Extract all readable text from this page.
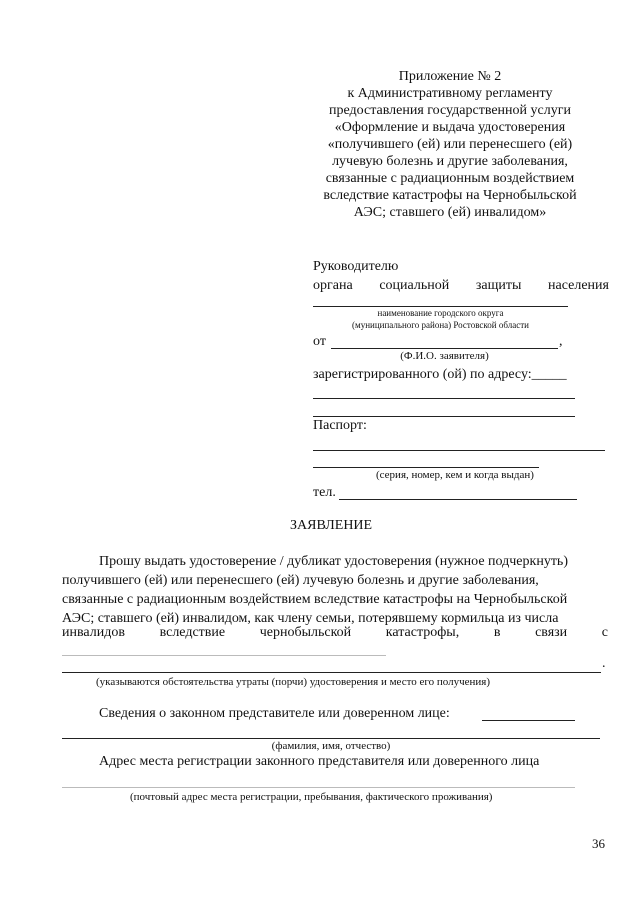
Приложение № 2
к Административному регламенту
предоставления государственной услуги
«Оформление и выдача удостоверения
«получившего (ей) или перенесшего (ей)
лучевую болезнь и другие заболевания,
связанные с радиационным воздействием
вследствие катастрофы на Чернобыльской
АЭС; ставшего (ей) инвалидом»
Руководителю
органа социальной защиты населения
наименование городского округа
(муниципального района) Ростовской области
от	,
(Ф.И.О. заявителя)
зарегистрированного (ой) по адресу:_____
Паспорт:
(серия, номер, кем и когда выдан)
тел.
ЗАЯВЛЕНИЕ
Прошу выдать удостоверение / дубликат удостоверения (нужное подчеркнуть)
получившего (ей) или перенесшего (ей) лучевую болезнь и другие заболевания,
связанные с радиационным воздействием вследствие катастрофы на Чернобыльской
АЭС; ставшего (ей) инвалидом, как члену семьи, потерявшему кормильца из числа
инвалидов вследствие чернобыльской катастрофы, в связи с
.
(указываются обстоятельства утраты (порчи) удостоверения и место его получения)
Сведения о законном представителе или доверенном лице:
(фамилия, имя, отчество)
Адрес места регистрации законного представителя или доверенного лица
(почтовый адрес места регистрации, пребывания, фактического проживания)
36
